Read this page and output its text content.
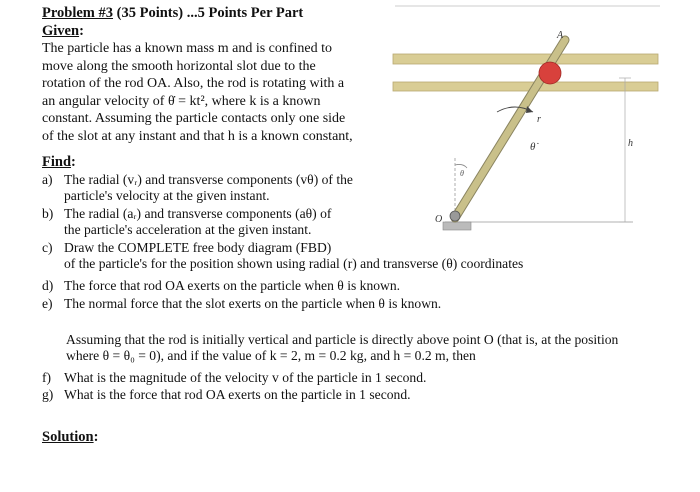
Problem #3 (35 Points) ...5 Points Per Part
Given:
The particle has a known mass m and is confined to
move along the smooth horizontal slot due to the
rotation of the rod OA. Also, the rod is rotating with a
an angular velocity of θ̇ = kt², where k is a known
constant. Assuming the particle contacts only one side
of the slot at any instant and that h is a known constant,
Find:
a) The radial (vᵣ) and transverse components (vθ) of the
particle's velocity at the given instant.
b) The radial (aᵣ) and transverse components (aθ) of
the particle's acceleration at the given instant.
c) Draw the COMPLETE free body diagram (FBD)
of the particle's for the position shown using radial (r) and transverse (θ) coordinates
d) The force that rod OA exerts on the particle when θ is known.
e) The normal force that the slot exerts on the particle when θ is known.
Assuming that the rod is initially vertical and particle is directly above point O (that is, at the position
where θ = θ₀ = 0), and if the value of k = 2, m = 0.2 kg, and h = 0.2 m, then
f) What is the magnitude of the velocity v of the particle in 1 second.
g) What is the force that rod OA exerts on the particle in 1 second.
Solution:
A
O
r
θ
θ̇	h
